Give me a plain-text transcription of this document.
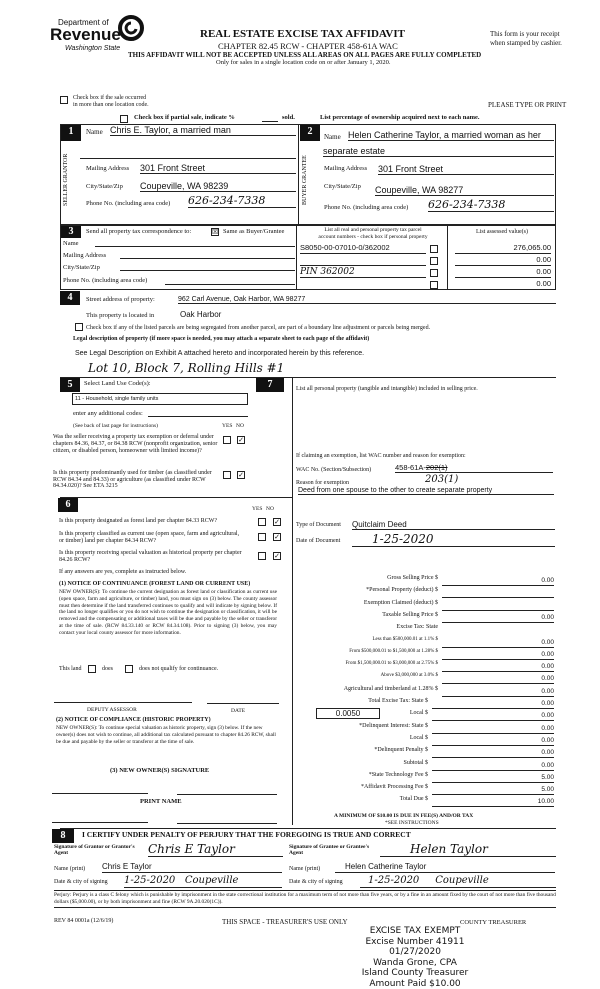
Department of
Revenue
Washington State
REAL ESTATE EXCISE TAX AFFIDAVIT
CHAPTER 82.45 RCW - CHAPTER 458-61A WAC
THIS AFFIDAVIT WILL NOT BE ACCEPTED UNLESS ALL AREAS ON ALL PAGES ARE FULLY COMPLETED
Only for sales in a single location code on or after January 1, 2020.
This form is your receipt
when stamped by cashier.
Check box if the sale occurred
in more than one location code.	PLEASE TYPE OR PRINT
Check box if partial sale, indicate %	sold.	List percentage of ownership acquired next to each name.
1
SELLER GRANTOR
Name Chris E. Taylor, a married man
Mailing Address 301 Front Street
City/State/Zip Coupeville, WA 98239
Phone No. (including area code) 626-234-7338
2
BUYER GRANTEE
Name Helen Catherine Taylor, a married woman as her
separate estate
Mailing Address 301 Front Street
City/State/Zip Coupeville, WA 98277
Phone No. (including area code) 626-234-7338
3	Send all property tax correspondence to:	☒ Same as Buyer/Grantee
Name
Mailing Address
City/State/Zip
Phone No. (including area code)
List all real and personal property tax parcel
account numbers - check box if personal property
List assessed value(s)
S8050-00-07010-0/362002	276,065.00
0.00
PIN 362002	0.00
0.00
4	Street address of property:	962 Carl Avenue, Oak Harbor, WA 98277
This property is located in	Oak Harbor
Check box if any of the listed parcels are being segregated from another parcel, are part of a boundary line adjustment or parcels being merged.
Legal description of property (if more space is needed, you may attach a separate sheet to each page of the affidavit)
See Legal Description on Exhibit A attached hereto and incorporated herein by this reference.
Lot 10, Block 7, Rolling Hills #1
5	Select Land Use Code(s):
11 - Household, single family units
enter any additional codes:
(See back of last page for instructions)	YES NO
Was the seller receiving a property tax exemption or deferral under chapters 84.36, 84.37, or 84.38 RCW (nonprofit organization, senior citizen, or disabled person, homeowner with limited income)?
✓
Is this property predominantly used for timber (as classified under RCW 84.34 and 84.33) or agriculture (as classified under RCW 84.34.020)? See ETA 3215
✓
6	YES NO
Is this property designated as forest land per chapter 84.33 RCW?	✓
Is this property classified as current use (open space, farm and agricultural, or timber) land per chapter 84.34 RCW?	✓
Is this property receiving special valuation as historical property per chapter 84.26 RCW?	✓
If any answers are yes, complete as instructed below.
(1) NOTICE OF CONTINUANCE (FOREST LAND OR CURRENT USE)
NEW OWNER(S): To continue the current designation as forest land or classification as current use (open space, farm and agriculture, or timber) land, you must sign on (3) below. The county assessor must then determine if the land transferred continues to qualify and will indicate by signing below. If the land no longer qualifies or you do not wish to continue the designation or classification, it will be removed and the compensating or additional taxes will be due and payable by the seller or transferor at the time of sale. (RCW 84.33.140 or RCW 84.34.108). Prior to signing (3) below, you may contact your local county assessor for more information.
This land	does	does not qualify for continuance.
DEPUTY ASSESSOR	DATE
(2) NOTICE OF COMPLIANCE (HISTORIC PROPERTY)
NEW OWNER(S): To continue special valuation as historic property, sign (3) below. If the new owner(s) does not wish to continue, all additional tax calculated pursuant to chapter 84.26 RCW, shall be due and payable by the seller or transferor at the time of sale.
(3) NEW OWNER(S) SIGNATURE
PRINT NAME
7	List all personal property (tangible and intangible) included in selling price.
If claiming an exemption, list WAC number and reason for exemption:
WAC No. (Section/Subsection)	458-61A-202(1)
Reason for exemption	203(1)
Deed from one spouse to the other to create separate property
Type of Document Quitclaim Deed
Date of Document	1-25-2020
Gross Selling Price $	0.00
*Personal Property (deduct) $
Exemption Claimed (deduct) $
Taxable Selling Price $	0.00
Excise Tax: State
Less than $500,000.01 at 1.1% $	0.00
From $500,000.01 to $1,500,000 at 1.28% $	0.00
From $1,500,000.01 to $3,000,000 at 2.75% $	0.00
Above $3,000,000 at 3.0% $	0.00
Agricultural and timberland at 1.28% $	0.00
Total Excise Tax: State $	0.00
Local $	0.00
*Delinquent Interest: State $	0.00
Local $	0.00
*Delinquent Penalty $	0.00
Subtotal $	0.00
*State Technology Fee $	5.00
*Affidavit Processing Fee $	5.00
Total Due $	10.00
0.0050
A MINIMUM OF $10.00 IS DUE IN FEE(S) AND/OR TAX
*SEE INSTRUCTIONS
8	I CERTIFY UNDER PENALTY OF PERJURY THAT THE FOREGOING IS TRUE AND CORRECT
Signature of Grantor or Grantor's Agent	Chris E Taylor	Signature of Grantee or Grantee's Agent	Helen Taylor
Name (print) Chris E Taylor	Name (print)	Helen Catherine Taylor
Date & city of signing 1-25-2020 Coupeville	Date & city of signing	1-25-2020 Coupeville
Perjury: Perjury is a class C felony which is punishable by imprisonment in the state correctional institution for a maximum term of not more than five years, or by a fine in an amount fixed by the court of not more than five thousand dollars ($5,000.00), or by both imprisonment and fine (RCW 9A.20.020(1C)).
REV 84 0001a (12/6/19)	THIS SPACE - TREASURER'S USE ONLY	COUNTY TREASURER
EXCISE TAX EXEMPT
Excise Number 41911
01/27/2020
Wanda Grone, CPA
Island County Treasurer
Amount Paid $10.00
